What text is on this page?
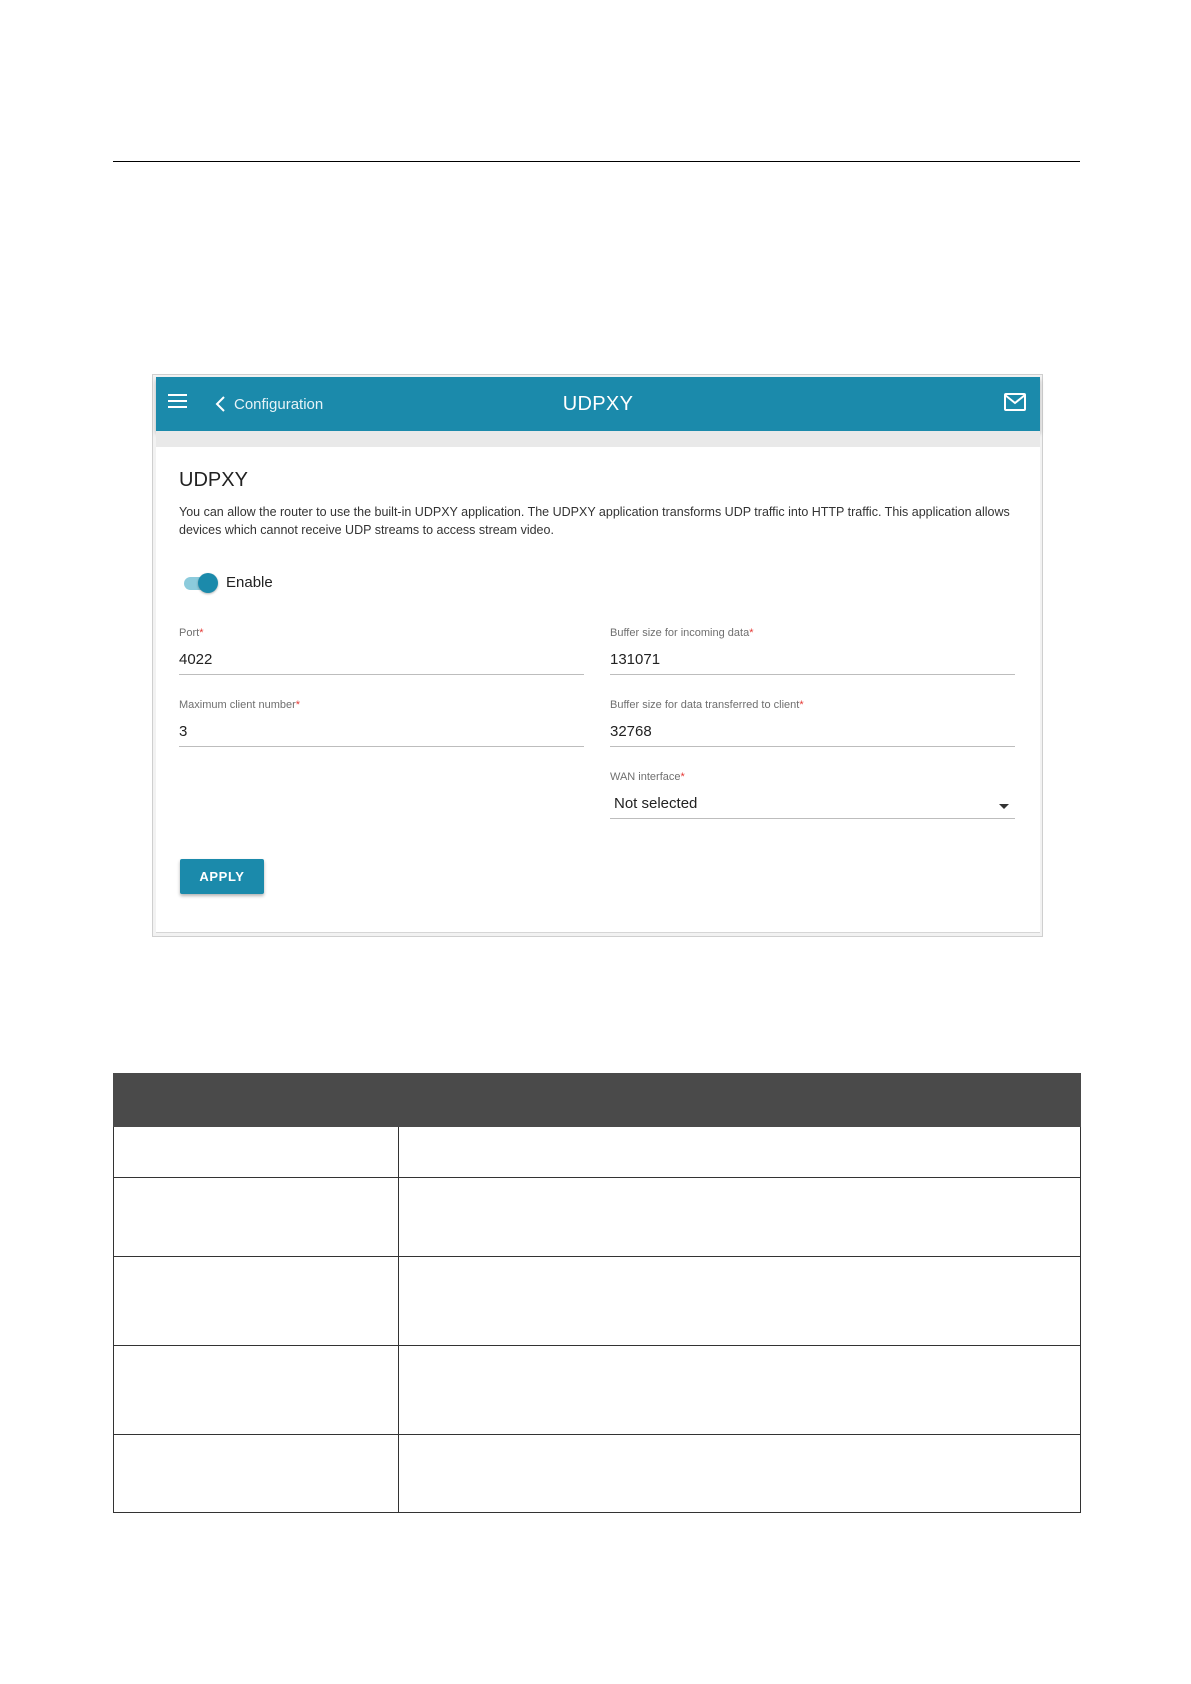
Configuration	UDPXY
UDPXY
You can allow the router to use the built-in UDPXY application. The UDPXY application transforms UDP traffic into HTTP traffic. This application allows devices which cannot receive UDP streams to access stream video.
Enable
Port*
4022
Buffer size for incoming data*
131071
Maximum client number*
3
Buffer size for data transferred to client*
32768
WAN interface*
Not selected
APPLY
